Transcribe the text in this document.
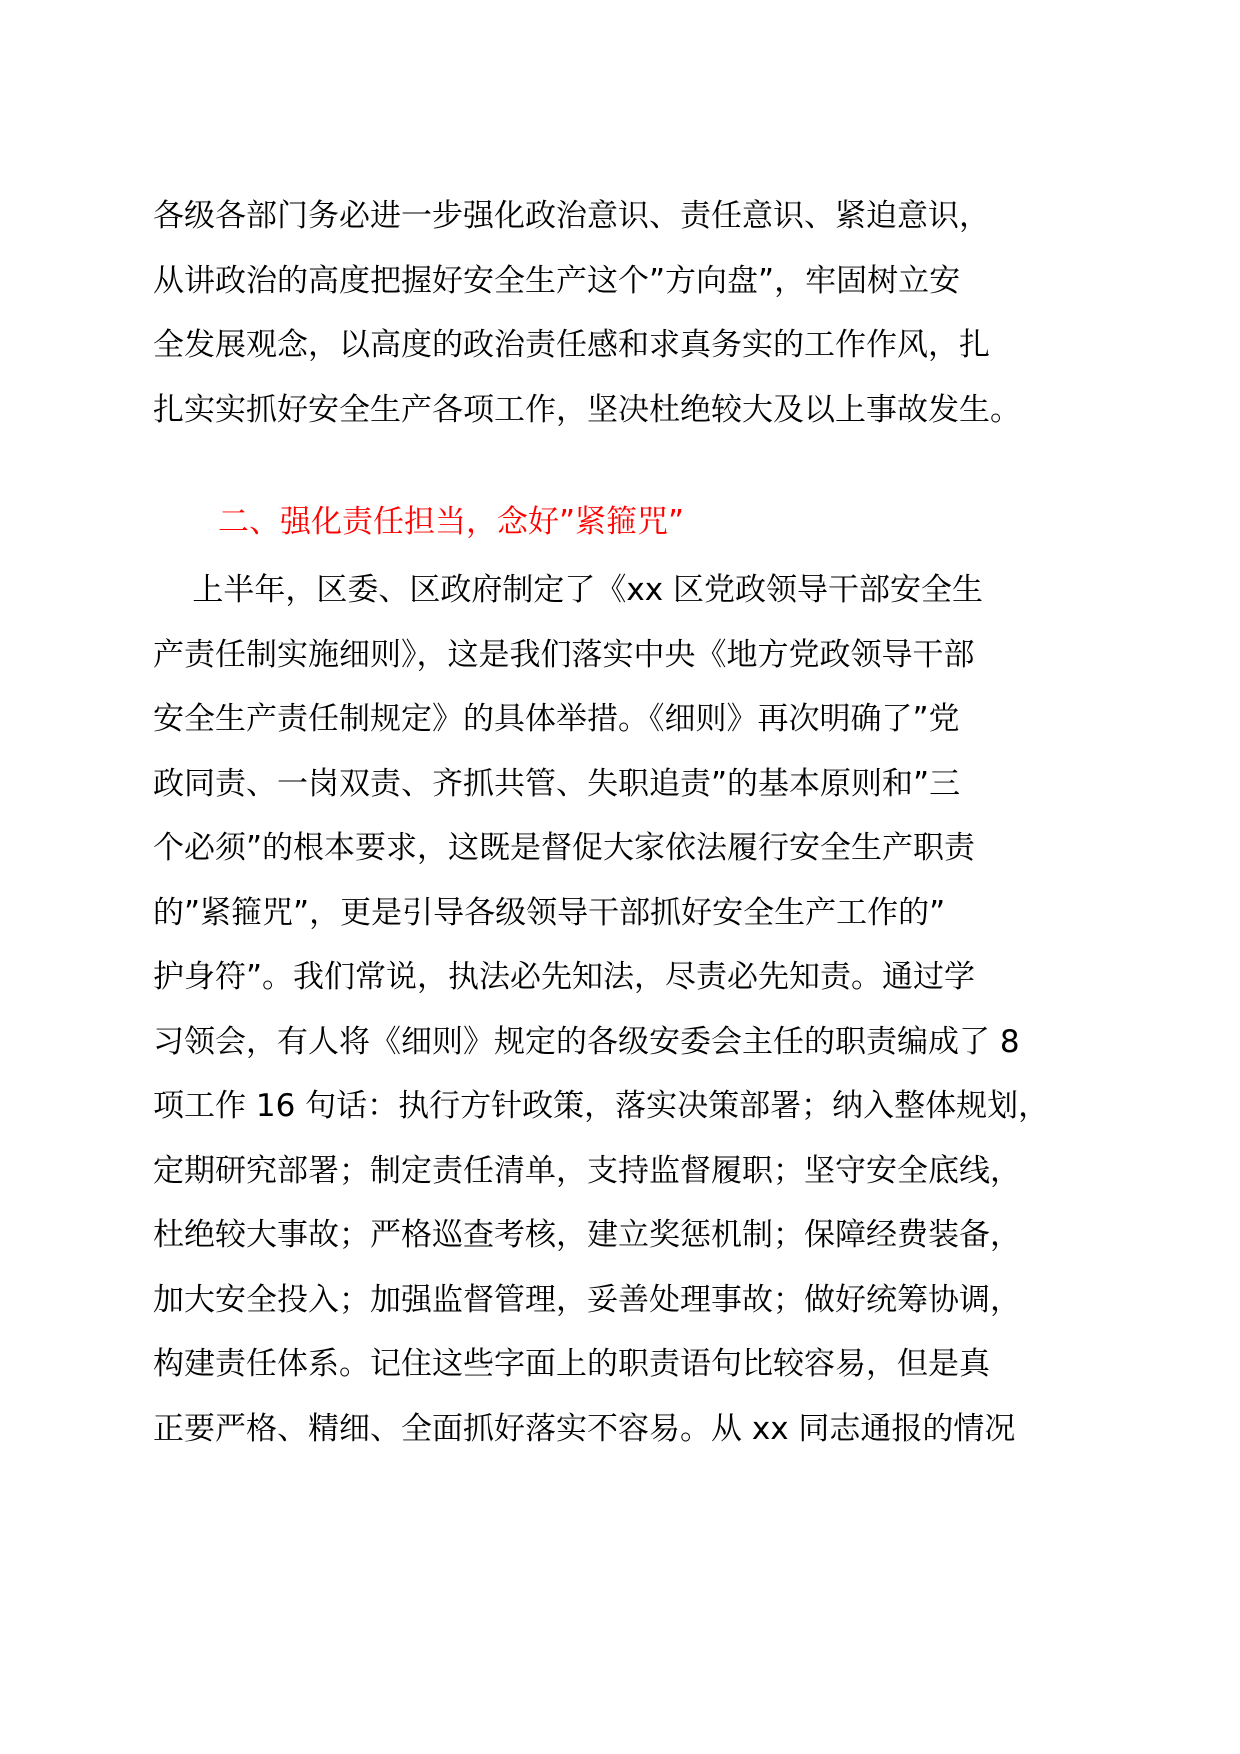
各级各部门务必进一步强化政治意识、责任意识、紧迫意识，
从讲政治的高度把握好安全生产这个”方向盘”，牢固树立安
全发展观念，以高度的政治责任感和求真务实的工作作风，扎
扎实实抓好安全生产各项工作，坚决杜绝较大及以上事故发生。
二、强化责任担当，念好”紧箍咒”
上半年，区委、区政府制定了《xx 区党政领导干部安全生
产责任制实施细则》，这是我们落实中央《地方党政领导干部
安全生产责任制规定》的具体举措。《细则》再次明确了”党
政同责、一岗双责、齐抓共管、失职追责”的基本原则和”三
个必须”的根本要求，这既是督促大家依法履行安全生产职责
的”紧箍咒”，更是引导各级领导干部抓好安全生产工作的”
护身符”。我们常说，执法必先知法，尽责必先知责。通过学
习领会，有人将《细则》规定的各级安委会主任的职责编成了 8
项工作 16 句话：执行方针政策，落实决策部署；纳入整体规划，
定期研究部署；制定责任清单，支持监督履职；坚守安全底线，
杜绝较大事故；严格巡查考核，建立奖惩机制；保障经费装备，
加大安全投入；加强监督管理，妥善处理事故；做好统筹协调，
构建责任体系。记住这些字面上的职责语句比较容易，但是真
正要严格、精细、全面抓好落实不容易。从 xx 同志通报的情况
